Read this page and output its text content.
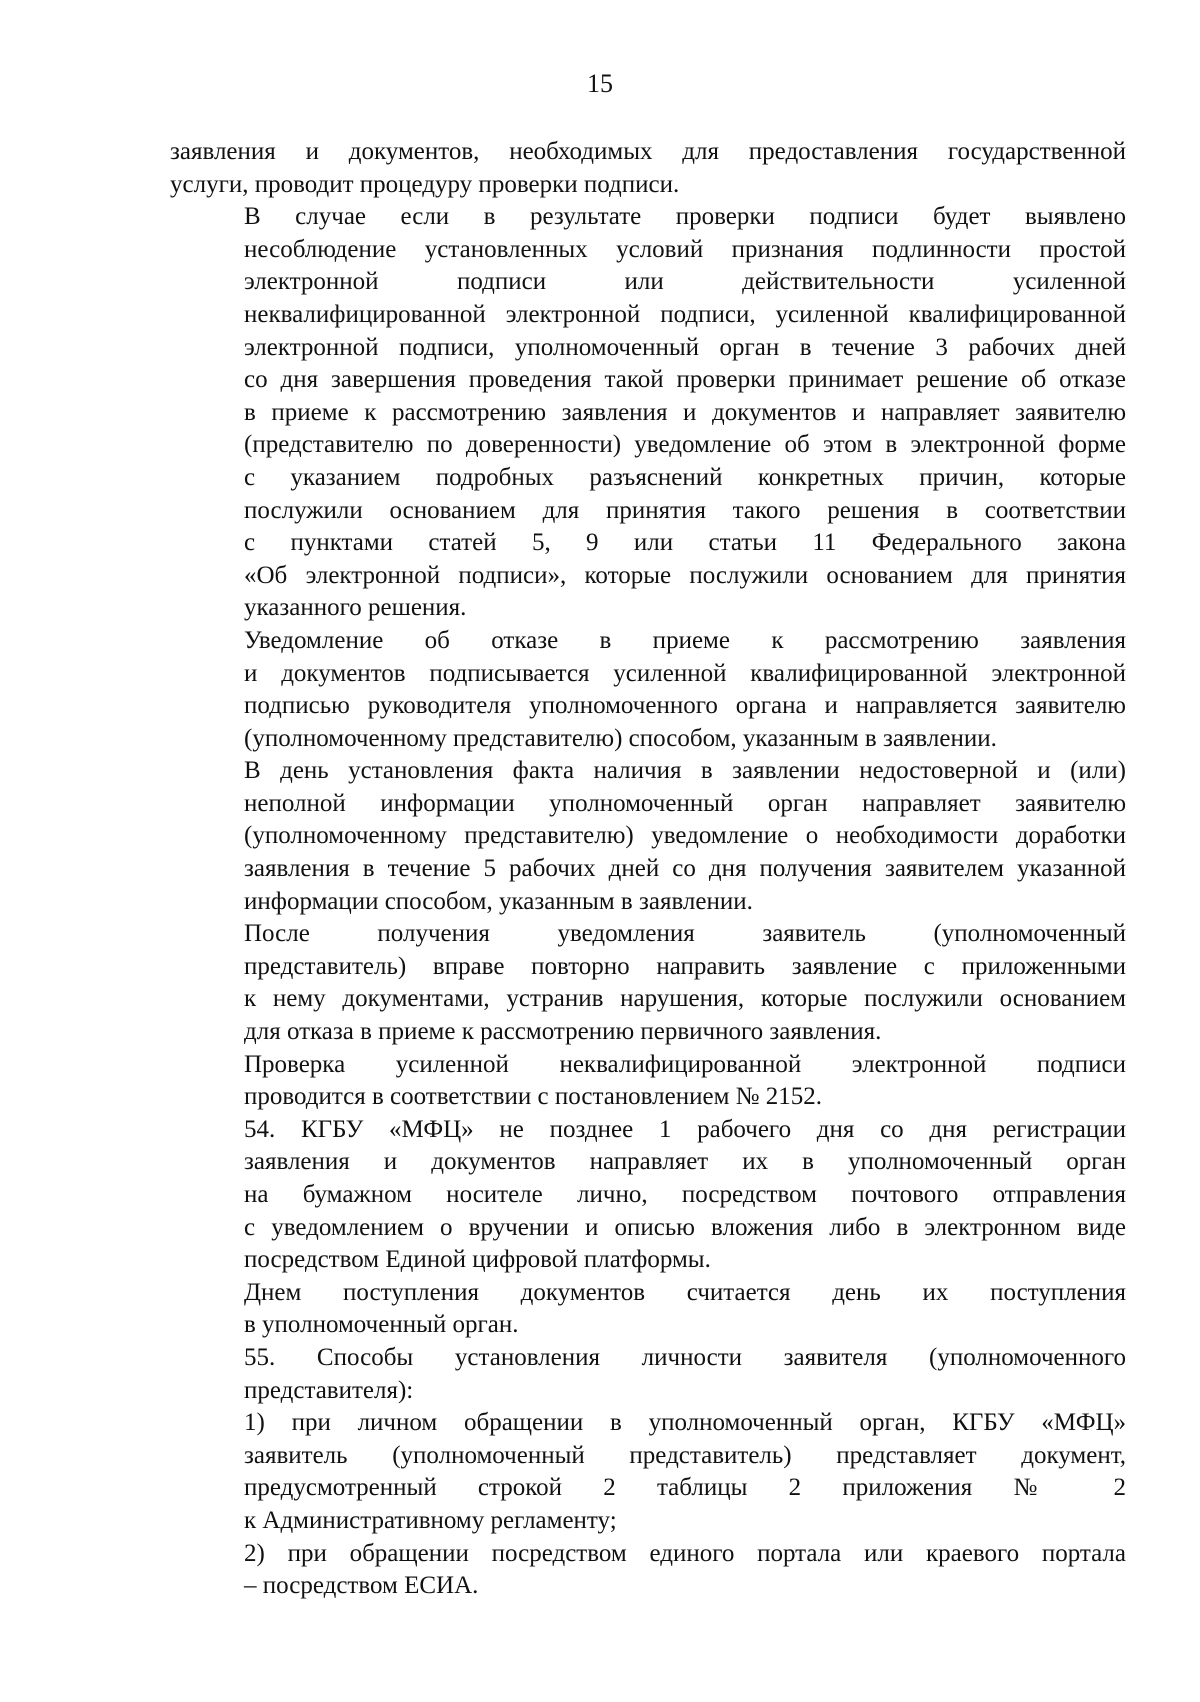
15

заявления и документов, необходимых для предоставления государственной
услуги, проводит процедуру проверки подписи.

В случае если в результате проверки подписи будет выявлено
несоблюдение установленных условий признания подлинности простой
электронной подписи или действительности усиленной
неквалифицированной электронной подписи, усиленной квалифицированной
электронной подписи, уполномоченный орган в течение 3 рабочих дней
со дня завершения проведения такой проверки принимает решение об отказе
в приеме к рассмотрению заявления и документов и направляет заявителю
(представителю по доверенности) уведомление об этом в электронной форме
с указанием подробных разъяснений конкретных причин, которые
послужили основанием для принятия такого решения в соответствии
с пунктами статей 5, 9 или статьи 11 Федерального закона
«Об электронной подписи», которые послужили основанием для принятия
указанного решения.

Уведомление об отказе в приеме к рассмотрению заявления
и документов подписывается усиленной квалифицированной электронной
подписью руководителя уполномоченного органа и направляется заявителю
(уполномоченному представителю) способом, указанным в заявлении.

В день установления факта наличия в заявлении недостоверной и (или)
неполной информации уполномоченный орган направляет заявителю
(уполномоченному представителю) уведомление о необходимости доработки
заявления в течение 5 рабочих дней со дня получения заявителем указанной
информации способом, указанным в заявлении.

После получения уведомления заявитель (уполномоченный
представитель) вправе повторно направить заявление с приложенными
к нему документами, устранив нарушения, которые послужили основанием
для отказа в приеме к рассмотрению первичного заявления.

Проверка усиленной неквалифицированной электронной подписи
проводится в соответствии с постановлением № 2152.

54. КГБУ «МФЦ» не позднее 1 рабочего дня со дня регистрации
заявления и документов направляет их в уполномоченный орган
на бумажном носителе лично, посредством почтового отправления
с уведомлением о вручении и описью вложения либо в электронном виде
посредством Единой цифровой платформы.

Днем поступления документов считается день их поступления
в уполномоченный орган.

55. Способы установления личности заявителя (уполномоченного
представителя):

1) при личном обращении в уполномоченный орган, КГБУ «МФЦ»
заявитель (уполномоченный представитель) представляет документ,
предусмотренный строкой 2 таблицы 2 приложения № 2
к Административному регламенту;

2) при обращении посредством единого портала или краевого портала
– посредством ЕСИА.
